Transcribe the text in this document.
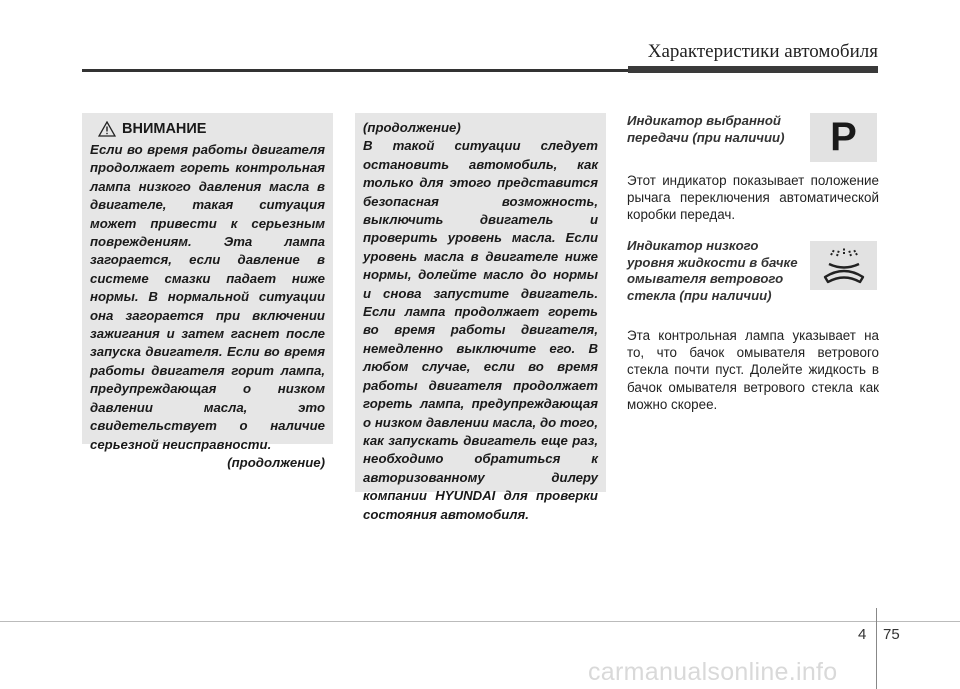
Характеристики автомобиля
ВНИМАНИЕ

Если во время работы двигателя продолжает гореть контрольная лампа низкого давления масла в двигателе, такая ситуация может привести к серьезным повреждениям. Эта лампа загорается, если давление в системе смазки падает ниже нормы. В нормальной ситуации она загорается при включении зажигания и затем гаснет после запуска двигателя. Если во время работы двигателя горит лампа, предупреждающая о низком давлении масла, это свидетельствует о наличие серьезной неисправности.

(продолжение)
(продолжение)

В такой ситуации следует остановить автомобиль, как только для этого представится безопасная возможность, выключить двигатель и проверить уровень масла. Если уровень масла в двигателе ниже нормы, долейте масло до нормы и снова запустите двигатель. Если лампа продолжает гореть во время работы двигателя, немедленно выключите его. В любом случае, если во время работы двигателя продолжает гореть лампа, предупреждающая о низком давлении масла, до того, как запускать двигатель еще раз, необходимо обратиться к авторизованному дилеру компании HYUNDAI для проверки состояния автомобиля.

Индикатор выбранной передачи (при наличии)
Этот индикатор показывает положение рычага переключения автоматической коробки передач.
Индикатор низкого уровня жидкости в бачке омывателя ветрового стекла (при наличии)
Эта контрольная лампа указывает на то, что бачок омывателя ветрового стекла почти пуст. Долейте жидкость в бачок омывателя ветрового стекла как можно скорее.
P
4 75
carmanualsonline.info
